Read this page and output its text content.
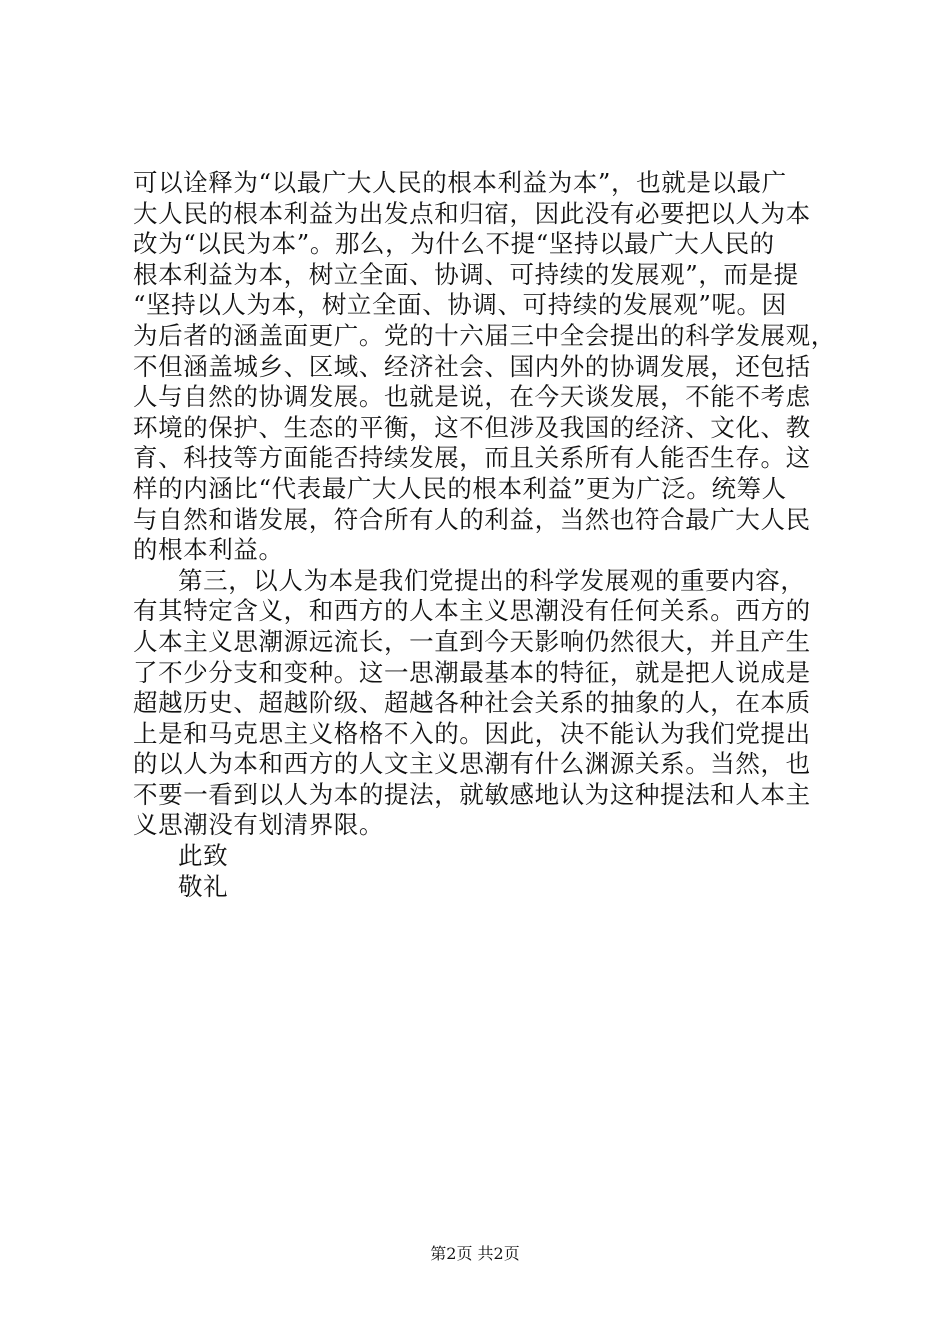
可以诠释为“以最广大人民的根本利益为本”，也就是以最广
大人民的根本利益为出发点和归宿，因此没有必要把以人为本
改为“以民为本”。那么，为什么不提“坚持以最广大人民的
根本利益为本，树立全面、协调、可持续的发展观”，而是提
“坚持以人为本，树立全面、协调、可持续的发展观”呢。因
为后者的涵盖面更广。党的十六届三中全会提出的科学发展观，
不但涵盖城乡、区域、经济社会、国内外的协调发展，还包括
人与自然的协调发展。也就是说，在今天谈发展，不能不考虑
环境的保护、生态的平衡，这不但涉及我国的经济、文化、教
育、科技等方面能否持续发展，而且关系所有人能否生存。这
样的内涵比“代表最广大人民的根本利益”更为广泛。统筹人
与自然和谐发展，符合所有人的利益，当然也符合最广大人民
的根本利益。
第三，以人为本是我们党提出的科学发展观的重要内容，
有其特定含义，和西方的人本主义思潮没有任何关系。西方的
人本主义思潮源远流长，一直到今天影响仍然很大，并且产生
了不少分支和变种。这一思潮最基本的特征，就是把人说成是
超越历史、超越阶级、超越各种社会关系的抽象的人，在本质
上是和马克思主义格格不入的。因此，决不能认为我们党提出
的以人为本和西方的人文主义思潮有什么渊源关系。当然，也
不要一看到以人为本的提法，就敏感地认为这种提法和人本主
义思潮没有划清界限。
此致
敬礼
第2页 共2页
